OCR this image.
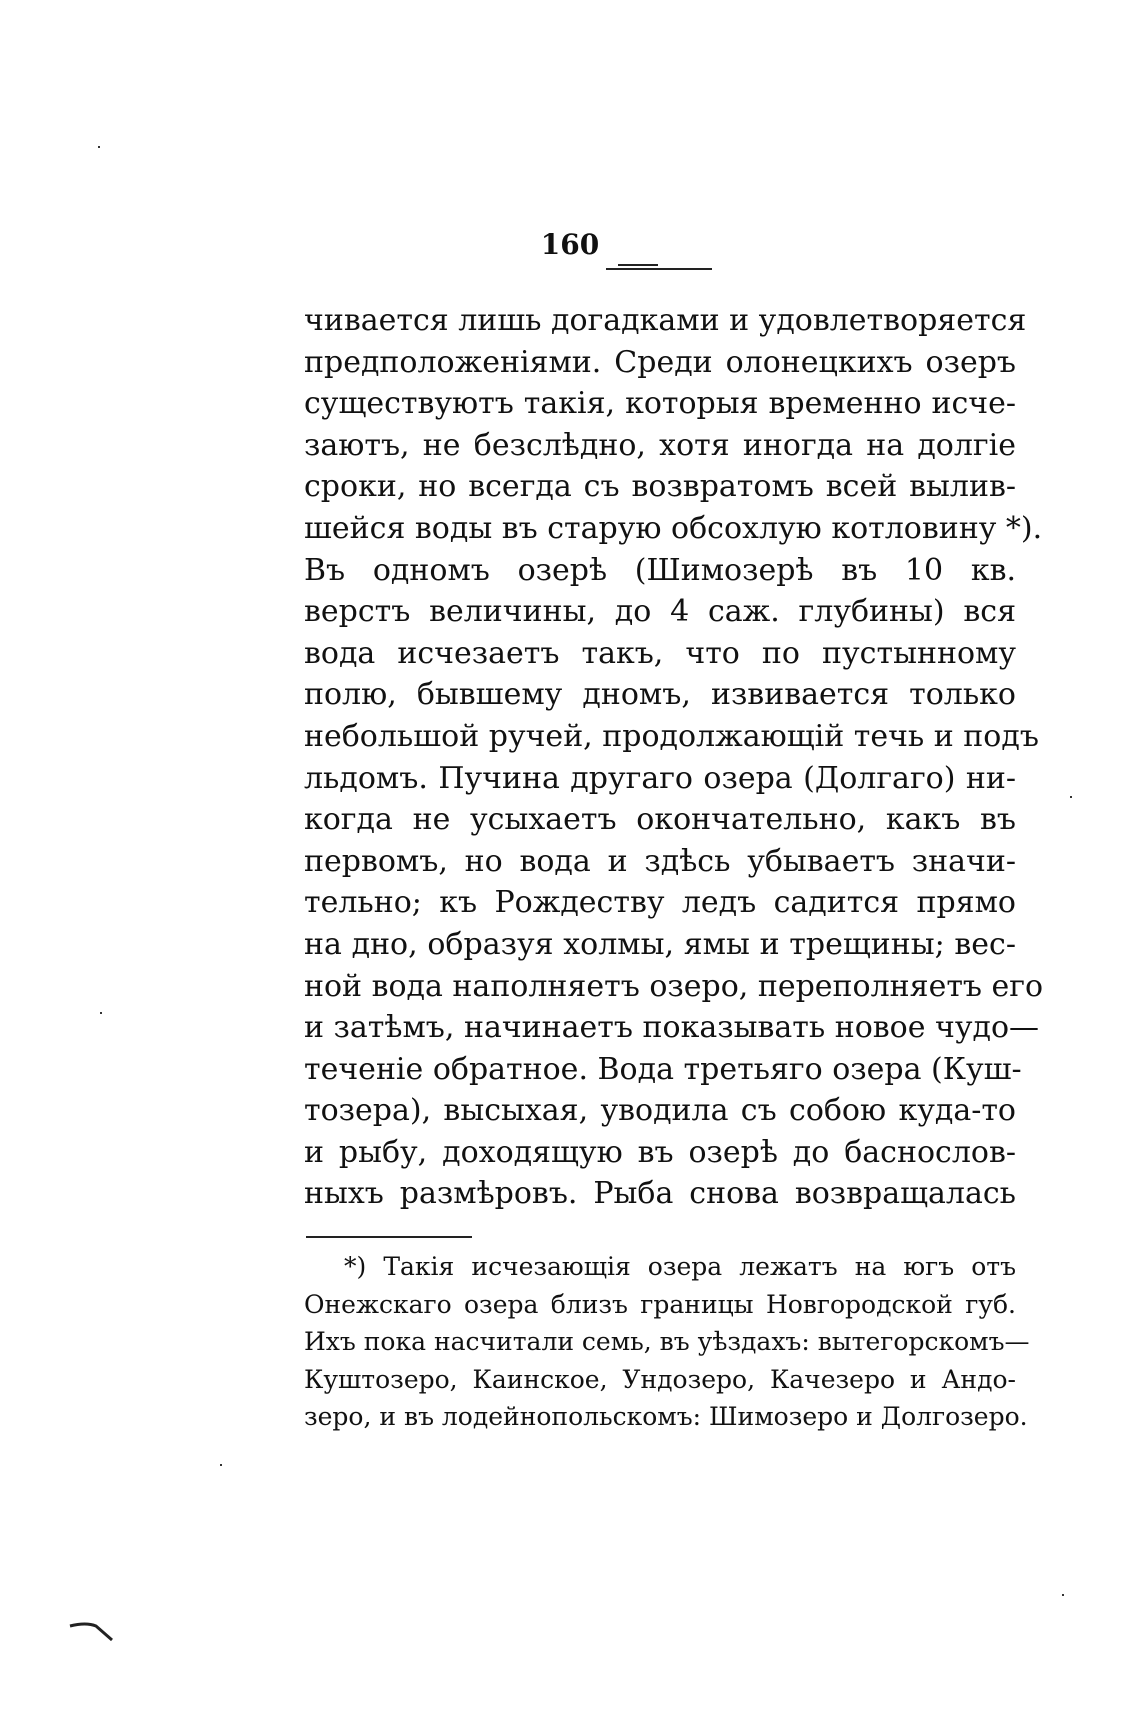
160
чивается лишь догадками и удовлетворяется
предположеніями. Среди олонецкихъ озеръ
существуютъ такія, которыя временно исче-
заютъ, не безслѣдно, хотя иногда на долгіе
сроки, но всегда съ возвратомъ всей вылив-
шейся воды въ старую обсохлую котловину *).
Въ одномъ озерѣ (Шимозерѣ въ 10 кв.
верстъ величины, до 4 саж. глубины) вся
вода исчезаетъ такъ, что по пустынному
полю, бывшему дномъ, извивается только
небольшой ручей, продолжающій течь и подъ
льдомъ. Пучина другаго озера (Долгаго) ни-
когда не усыхаетъ окончательно, какъ въ
первомъ, но вода и здѣсь убываетъ значи-
тельно; къ Рождеству ледъ садится прямо
на дно, образуя холмы, ямы и трещины; вес-
ной вода наполняетъ озеро, переполняетъ его
и затѣмъ, начинаетъ показывать новое чудо—
теченіе обратное. Вода третьяго озера (Куш-
тозера), высыхая, уводила съ собою куда-то
и рыбу, доходящую въ озерѣ до баснослов-
ныхъ размѣровъ. Рыба снова возвращалась
*) Такія исчезающія озера лежатъ на югъ отъ
Онежскаго озера близъ границы Новгородской губ.
Ихъ пока насчитали семь, въ уѣздахъ: вытегорскомъ—
Куштозеро, Каинское, Ундозеро, Качезеро и Андо-
зеро, и въ лодейнопольскомъ: Шимозеро и Долгозеро.
